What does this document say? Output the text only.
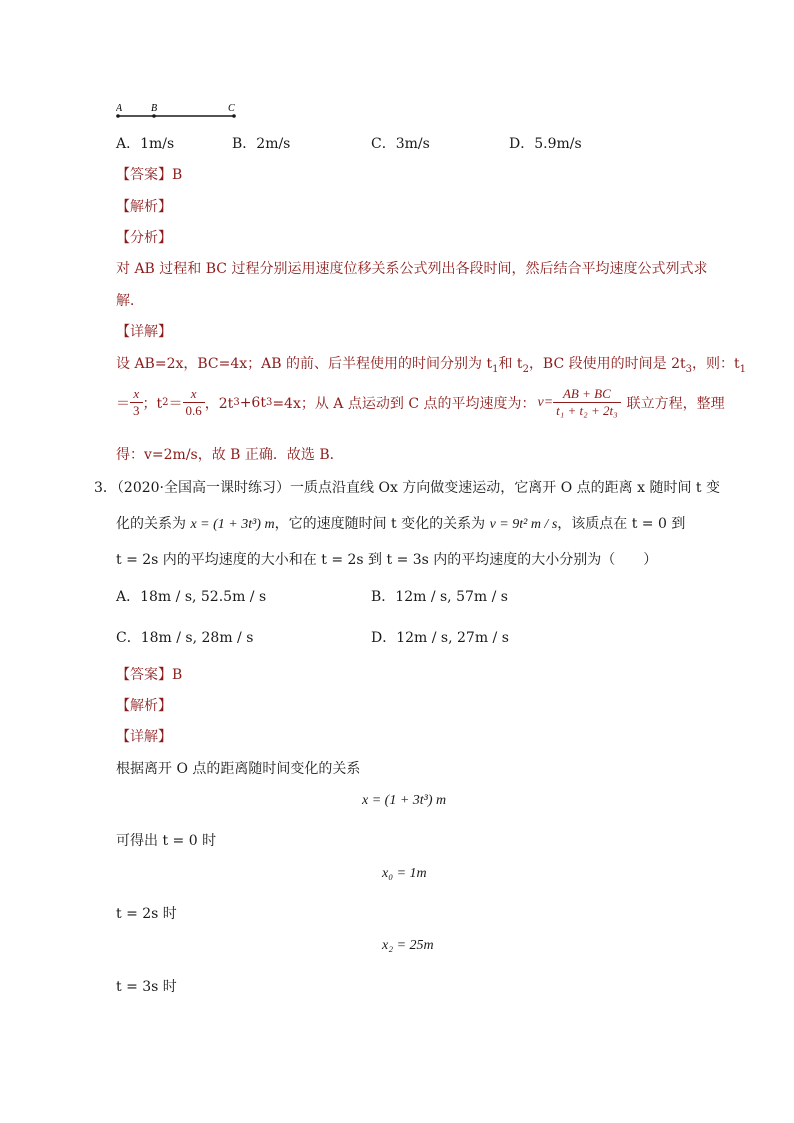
A	B	C
A．1m/s	B．2m/s	C．3m/s	D．5.9m/s
【答案】B
【解析】
【分析】
对 AB 过程和 BC 过程分别运用速度位移关系公式列出各段时间，然后结合平均速度公式列式求
解．
【详解】
设 AB=2x，BC=4x；AB 的前、后半程使用的时间分别为 $t_1$和 $t_2$，BC 段使用的时间是 $2t_3$，则：$t_1$
＝ $\frac{x}{3}$ ；t $2 = \frac{x}{0.6}$ ，2t 3 +6t 3 =4x；从 A 点运动到 C 点的平均速度为： $v= \frac{AB + BC}{\text{t₁ + t₂ + 2t₃}}$ 联立方程，整理
得：v=2m/s，故 B 正确．故选 B．
3．（2020·全国高一课时练习）一质点沿直线 Ox 方向做变速运动，它离开 O 点的距离 x 随时间 t 变
化的关系为 x = (1 + 3t³) m，它的速度随时间 t 变化的关系为 v = 9t² m / s，该质点在 t = 0 到
t = 2s 内的平均速度的大小和在 t = 2s 到 t = 3s 内的平均速度的大小分别为（　　）
A．18m / s, 52.5m / s	B．12m / s, 57m / s
C．18m / s, 28m / s	D．12m / s, 27m / s
【答案】B
【解析】
【详解】
根据离开 O 点的距离随时间变化的关系
x = (1 + 3t³) m
可得出 t = 0 时
x₀ = 1m
t = 2s 时
x₂ = 25m
t = 3s 时
